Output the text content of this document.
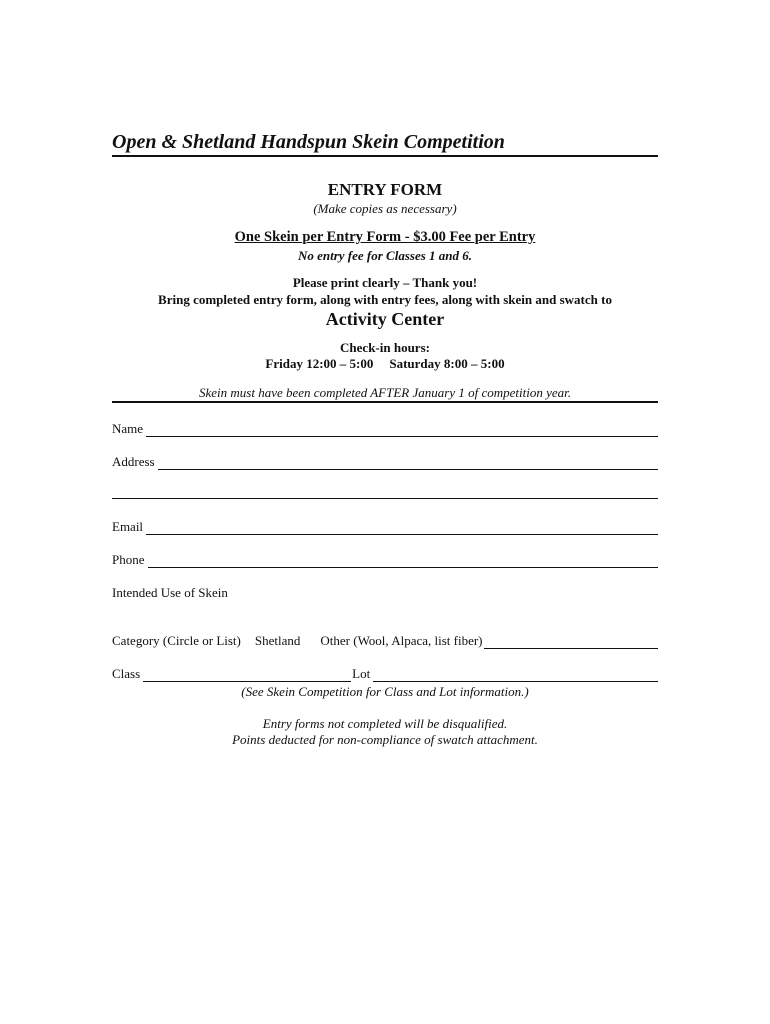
Open & Shetland Handspun Skein Competition
ENTRY FORM
(Make copies as necessary)
One Skein per Entry Form - $3.00 Fee per Entry
No entry fee for Classes 1 and 6.
Please print clearly – Thank you!
Bring completed entry form, along with entry fees, along with skein and swatch to
Activity Center
Check-in hours:
Friday 12:00 – 5:00 Saturday 8:00 – 5:00
Skein must have been completed AFTER January 1 of competition year.
Name
Address
Email
Phone
Intended Use of Skein
Category (Circle or List) Shetland Other (Wool, Alpaca, list fiber)
Class	Lot
(See Skein Competition for Class and Lot information.)
Entry forms not completed will be disqualified.
Points deducted for non-compliance of swatch attachment.
